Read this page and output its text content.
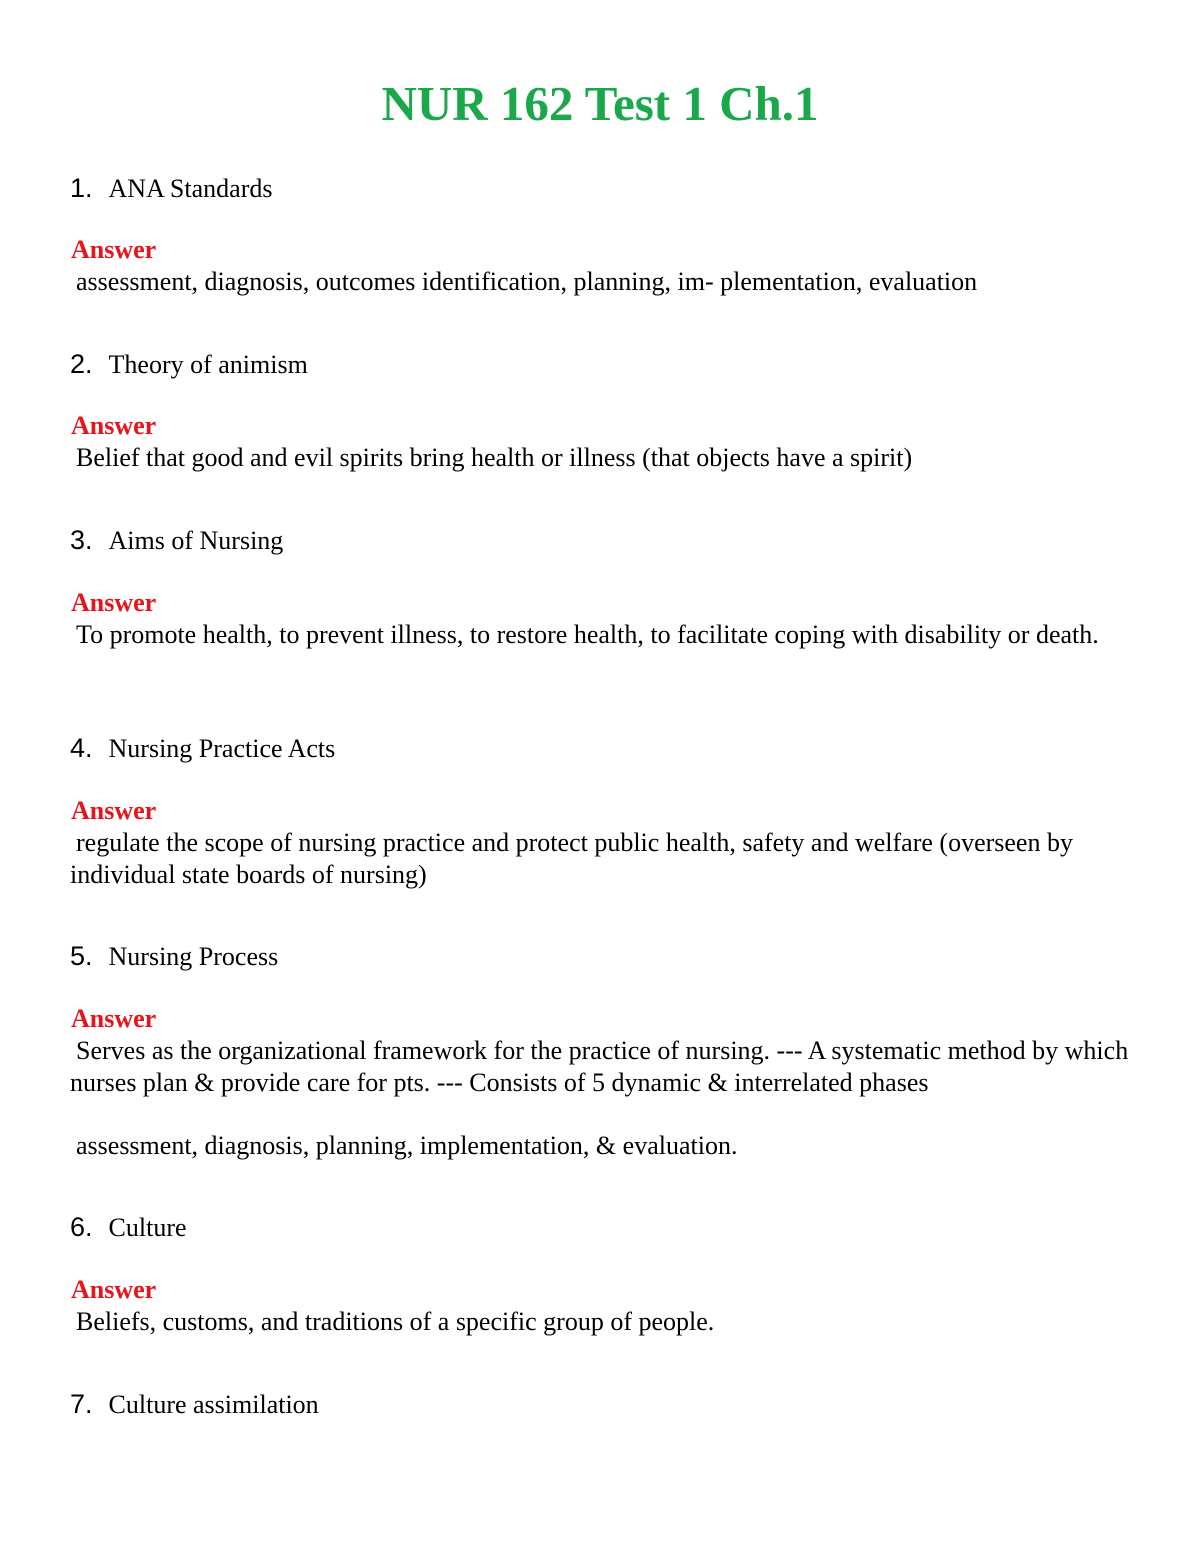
NUR 162 Test 1 Ch.1
1. ANA Standards
Answer
assessment, diagnosis, outcomes identification, planning, im- plementation, evaluation
2. Theory of animism
Answer
Belief that good and evil spirits bring health or illness (that objects have a spirit)
3. Aims of Nursing
Answer
To promote health, to prevent illness, to restore health, to facilitate coping with disability or death.
4. Nursing Practice Acts
Answer
regulate the scope of nursing practice and protect public health, safety and welfare (overseen by individual state boards of nursing)
5. Nursing Process
Answer
Serves as the organizational framework for the practice of nursing. --- A systematic method by which nurses plan & provide care for pts. --- Consists of 5 dynamic & interrelated phases
assessment, diagnosis, planning, implementation, & evaluation.
6. Culture
Answer
Beliefs, customs, and traditions of a specific group of people.
7. Culture assimilation
